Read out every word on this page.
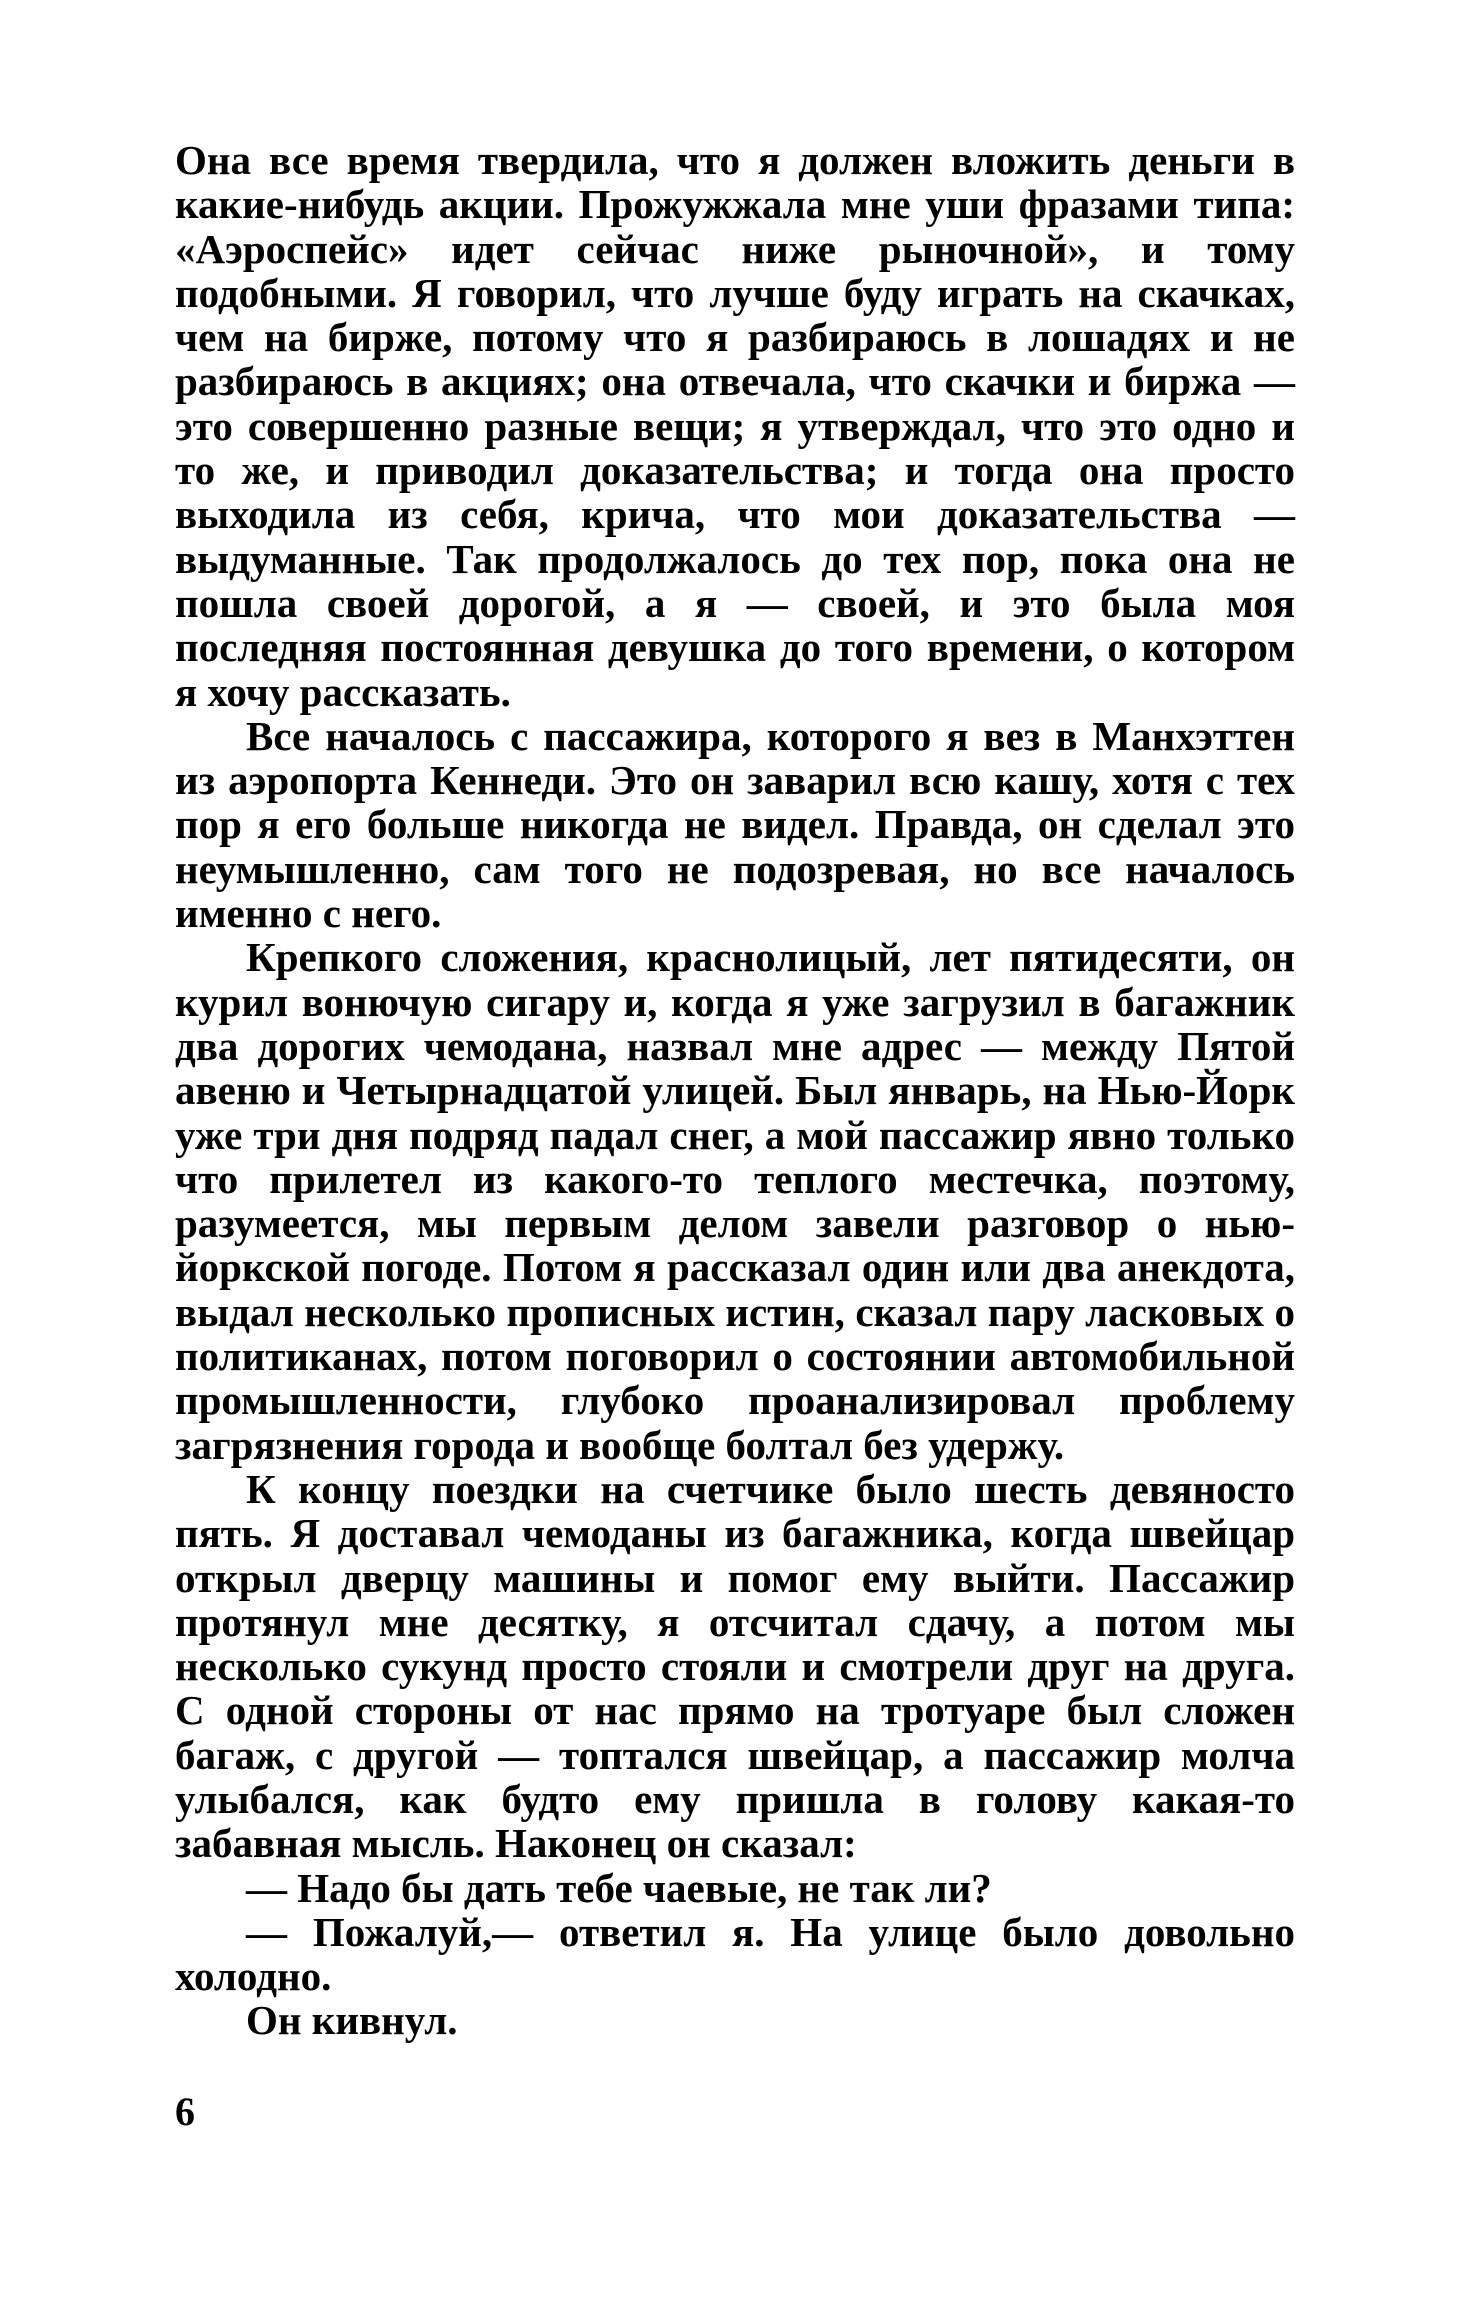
Она все время твердила, что я должен вложить деньги в какие-нибудь акции. Прожужжала мне уши фразами типа: «Аэроспейс» идет сейчас ниже рыночной», и тому подобными. Я говорил, что лучше буду играть на скачках, чем на бирже, потому что я разбираюсь в лошадях и не разбираюсь в акциях; она отвечала, что скачки и биржа — это совершенно разные вещи; я утверждал, что это одно и то же, и приводил доказательства; и тогда она просто выходила из себя, крича, что мои доказательства — выдуманные. Так продолжалось до тех пор, пока она не пошла своей дорогой, а я — своей, и это была моя последняя постоянная девушка до того времени, о котором я хочу рассказать.

Все началось с пассажира, которого я вез в Манхэттен из аэропорта Кеннеди. Это он заварил всю кашу, хотя с тех пор я его больше никогда не видел. Правда, он сделал это неумышленно, сам того не подозревая, но все началось именно с него.

Крепкого сложения, краснолицый, лет пятидесяти, он курил вонючую сигару и, когда я уже загрузил в багажник два дорогих чемодана, назвал мне адрес — между Пятой авеню и Четырнадцатой улицей. Был январь, на Нью-Йорк уже три дня подряд падал снег, а мой пассажир явно только что прилетел из какого-то теплого местечка, поэтому, разумеется, мы первым делом завели разговор о нью-йоркской погоде. Потом я рассказал один или два анекдота, выдал несколько прописных истин, сказал пару ласковых о политиканах, потом поговорил о состоянии автомобильной промышленности, глубоко проанализировал проблему загрязнения города и вообще болтал без удержу.

К концу поездки на счетчике было шесть девяносто пять. Я доставал чемоданы из багажника, когда швейцар открыл дверцу машины и помог ему выйти. Пассажир протянул мне десятку, я отсчитал сдачу, а потом мы несколько сукунд просто стояли и смотрели друг на друга. С одной стороны от нас прямо на тротуаре был сложен багаж, с другой — топтался швейцар, а пассажир молча улыбался, как будто ему пришла в голову какая-то забавная мысль. Наконец он сказал:

— Надо бы дать тебе чаевые, не так ли?

— Пожалуй,— ответил я. На улице было довольно холодно.

Он кивнул.

6
